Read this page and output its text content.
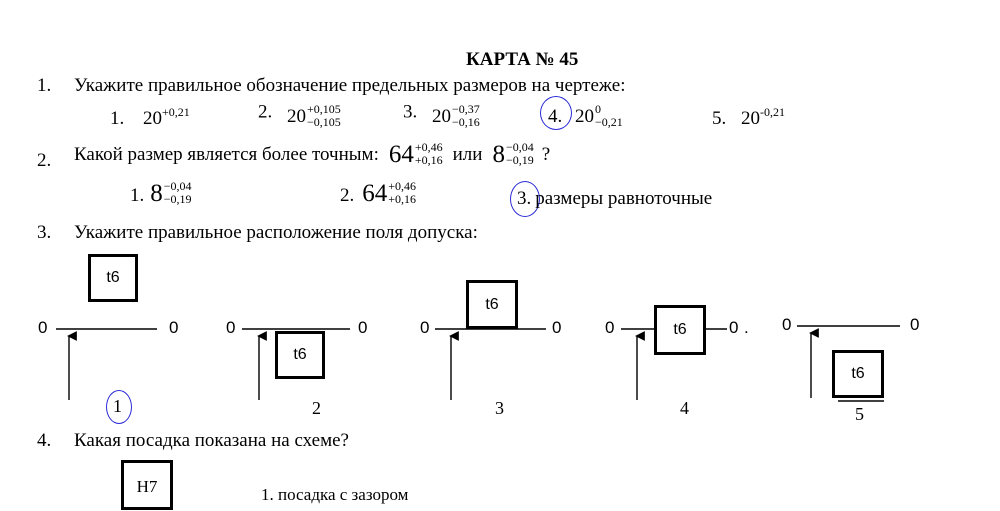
КАРТА № 45
1. Укажите правильное обозначение предельных размеров на чертеже:
1. $20^{+0,21}$	2. 20 +0,105
−0,105	3. 20 −0,37
−0,16	4. 20 0
−0,21	5. $20^{-0,21}$
2. Какой размер является более точным: 64 +0,46
+0,16 или 8 −0,04
−0,19 ?
1. 8 −0,04
−0,19	2. 64 +0,46
+0,16	3. размеры равноточные
3. Укажите правильное расположение поля допуска:
0	0	0	0	0	0	0	0 . 0	0
t6
t6
t6
t6
t6
1	2	3	4	5
4. Какая посадка показана на схеме?
H7	1. посадка с зазором
